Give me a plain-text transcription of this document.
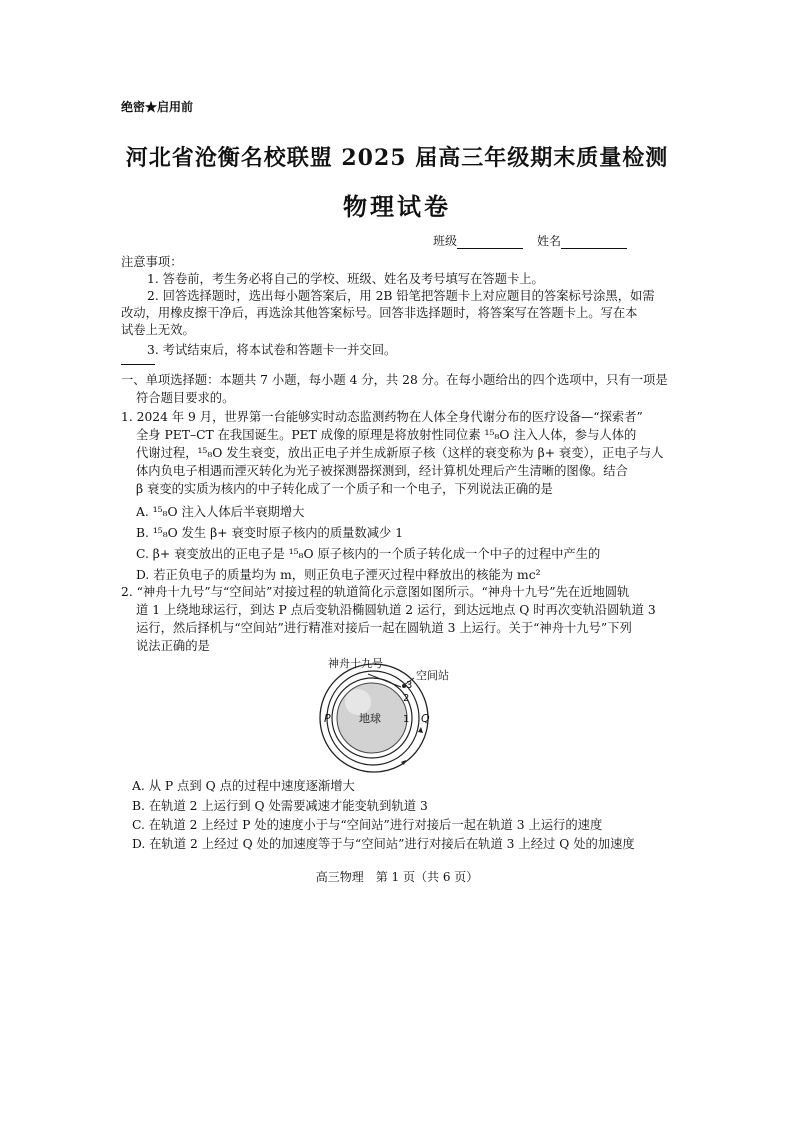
绝密★启用前
河北省沧衡名校联盟 2025 届高三年级期末质量检测
物理试卷
班级	姓名
注意事项：
1. 答卷前，考生务必将自己的学校、班级、姓名及考号填写在答题卡上。
2. 回答选择题时，选出每小题答案后，用 2B 铅笔把答题卡上对应题目的答案标号涂黑，如需
改动，用橡皮擦干净后，再选涂其他答案标号。回答非选择题时，将答案写在答题卡上。写在本
试卷上无效。
3. 考试结束后，将本试卷和答题卡一并交回。
一、单项选择题：本题共 7 小题，每小题 4 分，共 28 分。在每小题给出的四个选项中，只有一项是
符合题目要求的。
1. 2024 年 9 月，世界第一台能够实时动态监测药物在人体全身代谢分布的医疗设备—“探索者”
全身 PET–CT 在我国诞生。PET 成像的原理是将放射性同位素 ¹⁵₈O 注入人体，参与人体的
代谢过程，¹⁵₈O 发生衰变，放出正电子并生成新原子核（这样的衰变称为 β+ 衰变），正电子与人
体内负电子相遇而湮灭转化为光子被探测器探测到，经计算机处理后产生清晰的图像。结合
β 衰变的实质为核内的中子转化成了一个质子和一个电子，下列说法正确的是
A. ¹⁵₈O 注入人体后半衰期增大
B. ¹⁵₈O 发生 β+ 衰变时原子核内的质量数减少 1
C. β+ 衰变放出的正电子是 ¹⁵₈O 原子核内的一个质子转化成一个中子的过程中产生的
D. 若正负电子的质量均为 m，则正负电子湮灭过程中释放出的核能为 mc²
2. “神舟十九号”与“空间站”对接过程的轨道简化示意图如图所示。“神舟十九号”先在近地圆轨
道 1 上绕地球运行，到达 P 点后变轨沿椭圆轨道 2 运行，到达远地点 Q 时再次变轨沿圆轨道 3
运行，然后择机与“空间站”进行精准对接后一起在圆轨道 3 上运行。关于“神舟十九号”下列
说法正确的是
神舟十九号
空间站
3
2
1
P	Q
地球
A. 从 P 点到 Q 点的过程中速度逐渐增大
B. 在轨道 2 上运行到 Q 处需要减速才能变轨到轨道 3
C. 在轨道 2 上经过 P 处的速度小于与“空间站”进行对接后一起在轨道 3 上运行的速度
D. 在轨道 2 上经过 Q 处的加速度等于与“空间站”进行对接后在轨道 3 上经过 Q 处的加速度
高三物理　第 1 页（共 6 页）
